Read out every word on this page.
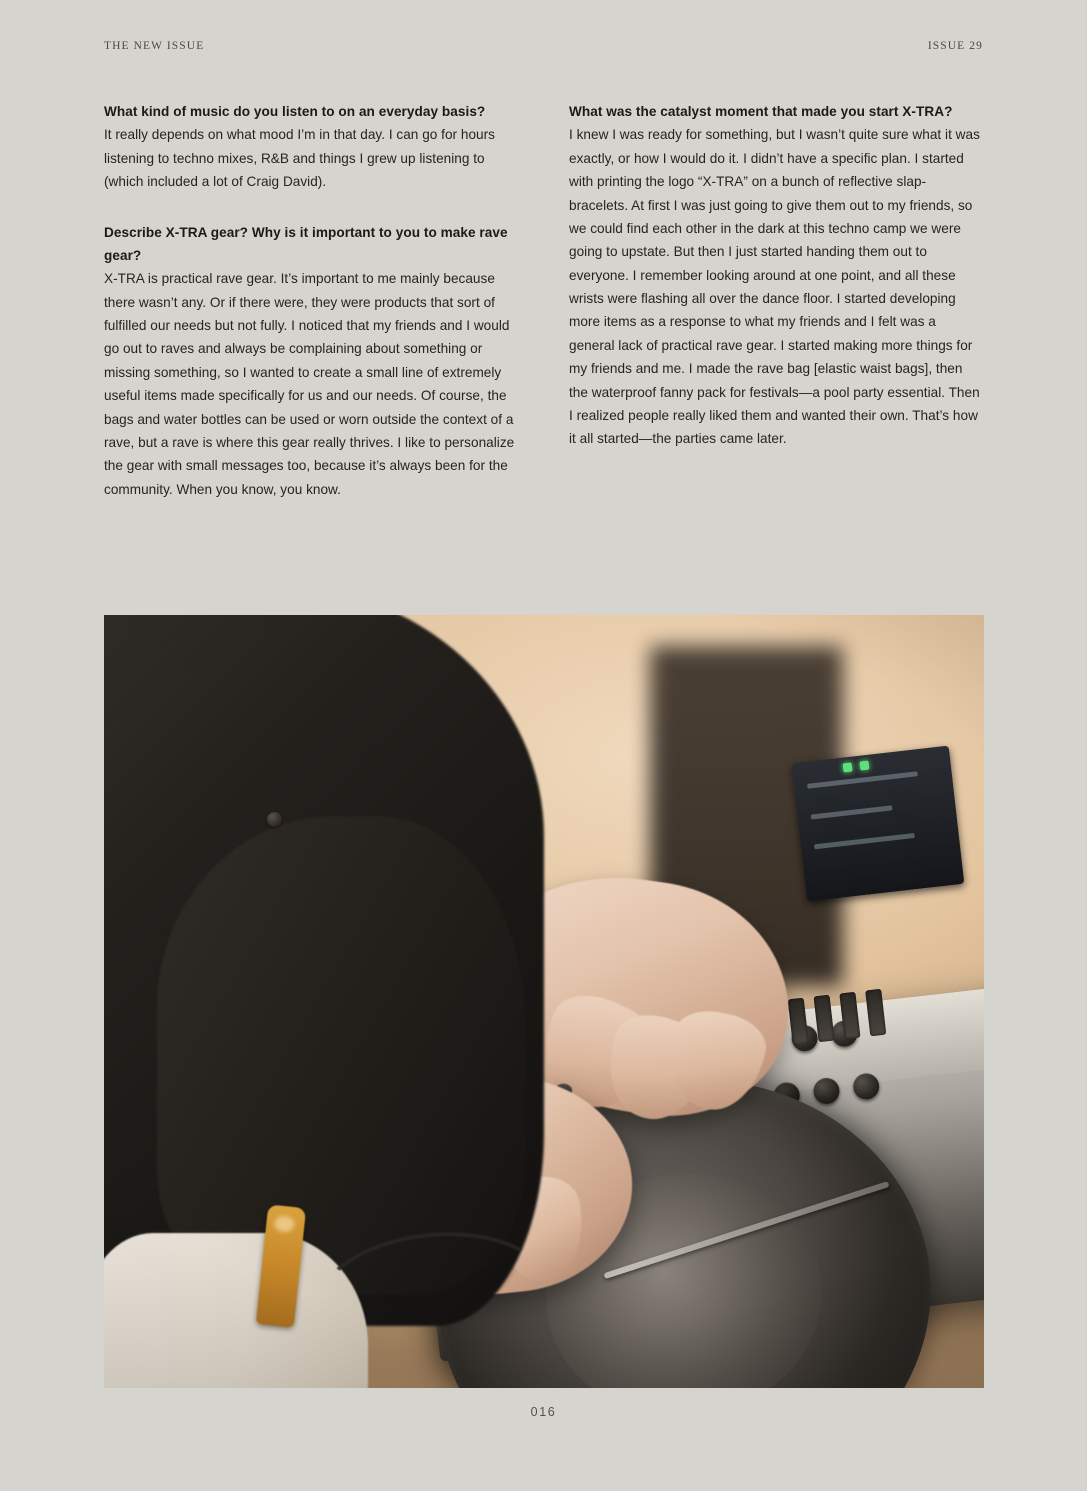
THE NEW ISSUE	ISSUE 29

What kind of music do you listen to on an everyday basis?

It really depends on what mood I’m in that day. I can go for hours listening to techno mixes, R&B and things I grew up listening to (which included a lot of Craig David).

Describe X-TRA gear? Why is it important to you to make rave gear?

X-TRA is practical rave gear. It’s important to me mainly because there wasn’t any. Or if there were, they were products that sort of fulfilled our needs but not fully. I noticed that my friends and I would go out to raves and always be complaining about something or missing something, so I wanted to create a small line of extremely useful items made specifically for us and our needs. Of course, the bags and water bottles can be used or worn outside the context of a rave, but a rave is where this gear really thrives. I like to personalize the gear with small messages too, because it’s always been for the community. When you know, you know.

What was the catalyst moment that made you start X-TRA?

I knew I was ready for something, but I wasn’t quite sure what it was exactly, or how I would do it. I didn’t have a specific plan. I started with printing the logo “X-TRA” on a bunch of reflective slap-bracelets. At first I was just going to give them out to my friends, so we could find each other in the dark at this techno camp we were going to upstate. But then I just started handing them out to everyone. I remember looking around at one point, and all these wrists were flashing all over the dance floor. I started developing more items as a response to what my friends and I felt was a general lack of practical rave gear. I started making more things for my friends and me. I made the rave bag [elastic waist bags], then the waterproof fanny pack for festivals—a pool party essential. Then I realized people really liked them and wanted their own. That’s how it all started—the parties came later.

016
